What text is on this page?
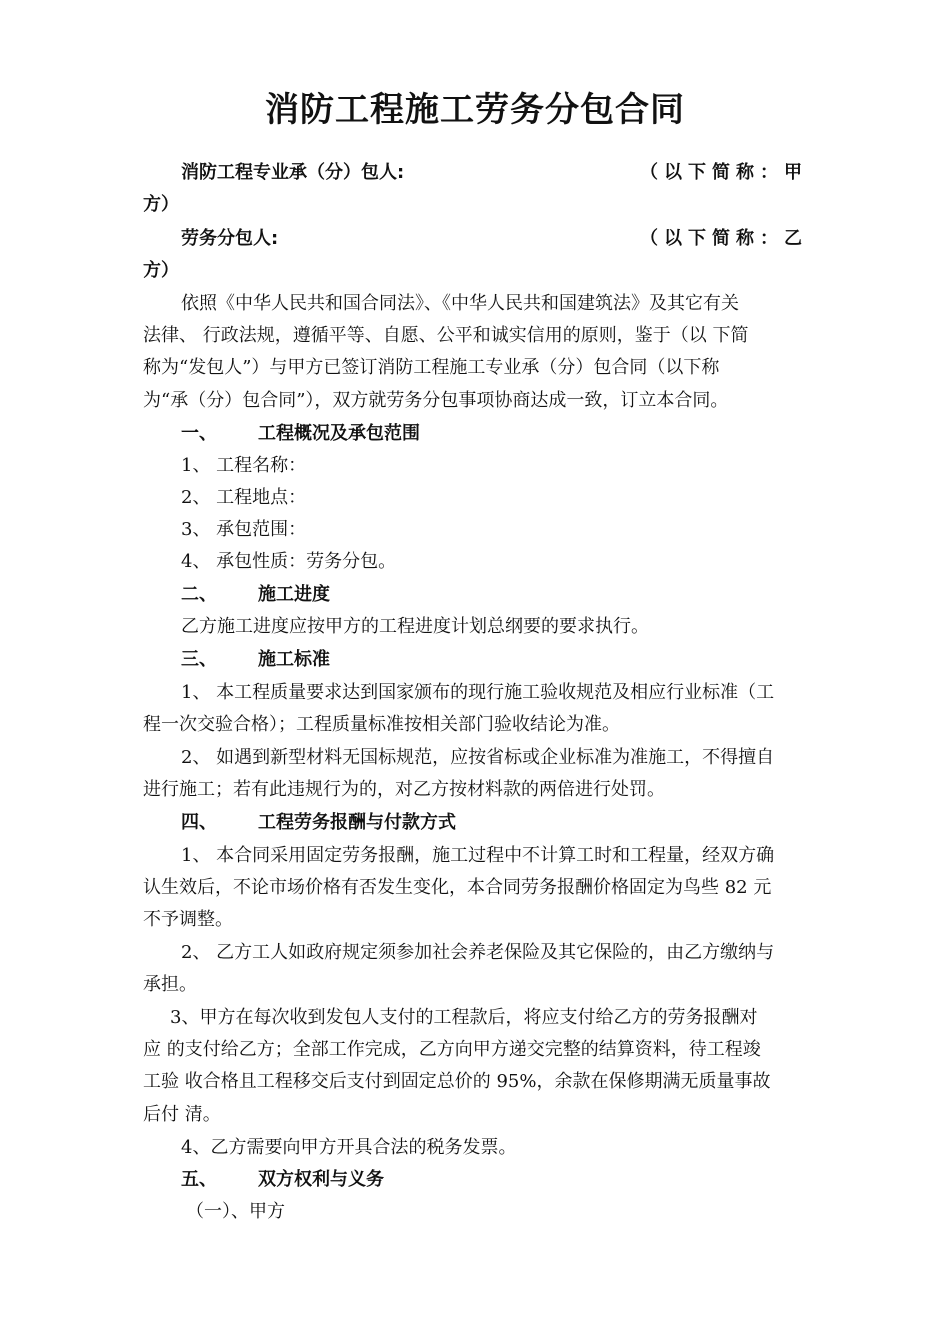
消防工程施工劳务分包合同
消防工程专业承（分）包人:	（以下简称：甲
方）
劳务分包人:	（以下简称：乙
方）
依照《中华人民共和国合同法》、《中华人民共和国建筑法》及其它有关
法律、 行政法规，遵循平等、自愿、公平和诚实信用的原则，鉴于（以 下简
称为“发包人”）与甲方已签订消防工程施工专业承（分）包合同（以下称
为“承（分）包合同”），双方就劳务分包事项协商达成一致，订立本合同。
一、 工程概况及承包范围
1、 工程名称：
2、 工程地点：
3、 承包范围：
4、 承包性质：劳务分包。
二、 施工进度
乙方施工进度应按甲方的工程进度计划总纲要的要求执行。
三、 施工标准
1、 本工程质量要求达到国家颁布的现行施工验收规范及相应行业标准（工
程一次交验合格）；工程质量标准按相关部门验收结论为准。
2、 如遇到新型材料无国标规范，应按省标或企业标准为准施工，不得擅自
进行施工；若有此违规行为的，对乙方按材料款的两倍进行处罚。
四、 工程劳务报酬与付款方式
1、 本合同采用固定劳务报酬，施工过程中不计算工时和工程量，经双方确
认生效后，不论市场价格有否发生变化，本合同劳务报酬价格固定为鸟些 82 元
不予调整。
2、 乙方工人如政府规定须参加社会养老保险及其它保险的，由乙方缴纳与
承担。
3、甲方在每次收到发包人支付的工程款后，将应支付给乙方的劳务报酬对
应 的支付给乙方；全部工作完成，乙方向甲方递交完整的结算资料，待工程竣
工验 收合格且工程移交后支付到固定总价的 95%，余款在保修期满无质量事故
后付 清。
4、乙方需要向甲方开具合法的税务发票。
五、 双方权利与义务
（一）、甲方
